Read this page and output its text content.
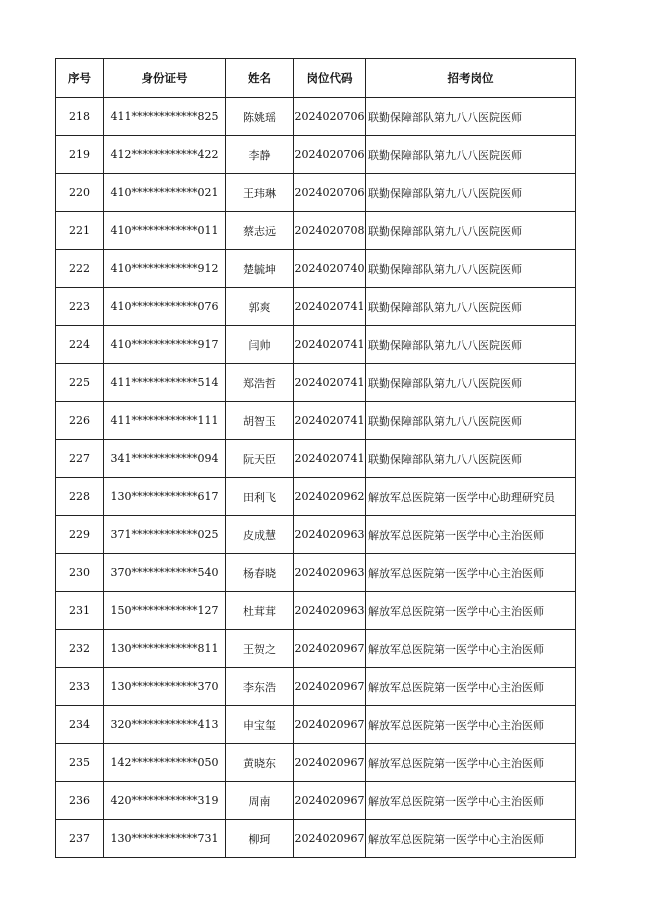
序号	身份证号	姓名	岗位代码	招考岗位
218	411************825	陈姚瑶	2024020706	联勤保障部队第九八八医院医师
219	412************422	李静	2024020706	联勤保障部队第九八八医院医师
220	410************021	王玮琳	2024020706	联勤保障部队第九八八医院医师
221	410************011	蔡志远	2024020708	联勤保障部队第九八八医院医师
222	410************912	楚毓坤	2024020740	联勤保障部队第九八八医院医师
223	410************076	郭爽	2024020741	联勤保障部队第九八八医院医师
224	410************917	闫帅	2024020741	联勤保障部队第九八八医院医师
225	411************514	郑浩哲	2024020741	联勤保障部队第九八八医院医师
226	411************111	胡智玉	2024020741	联勤保障部队第九八八医院医师
227	341************094	阮天臣	2024020741	联勤保障部队第九八八医院医师
228	130************617	田利飞	2024020962	解放军总医院第一医学中心助理研究员
229	371************025	皮成慧	2024020963	解放军总医院第一医学中心主治医师
230	370************540	杨春晓	2024020963	解放军总医院第一医学中心主治医师
231	150************127	杜茸茸	2024020963	解放军总医院第一医学中心主治医师
232	130************811	王贺之	2024020967	解放军总医院第一医学中心主治医师
233	130************370	李东浩	2024020967	解放军总医院第一医学中心主治医师
234	320************413	申宝玺	2024020967	解放军总医院第一医学中心主治医师
235	142************050	黄晓东	2024020967	解放军总医院第一医学中心主治医师
236	420************319	周南	2024020967	解放军总医院第一医学中心主治医师
237	130************731	柳珂	2024020967	解放军总医院第一医学中心主治医师
